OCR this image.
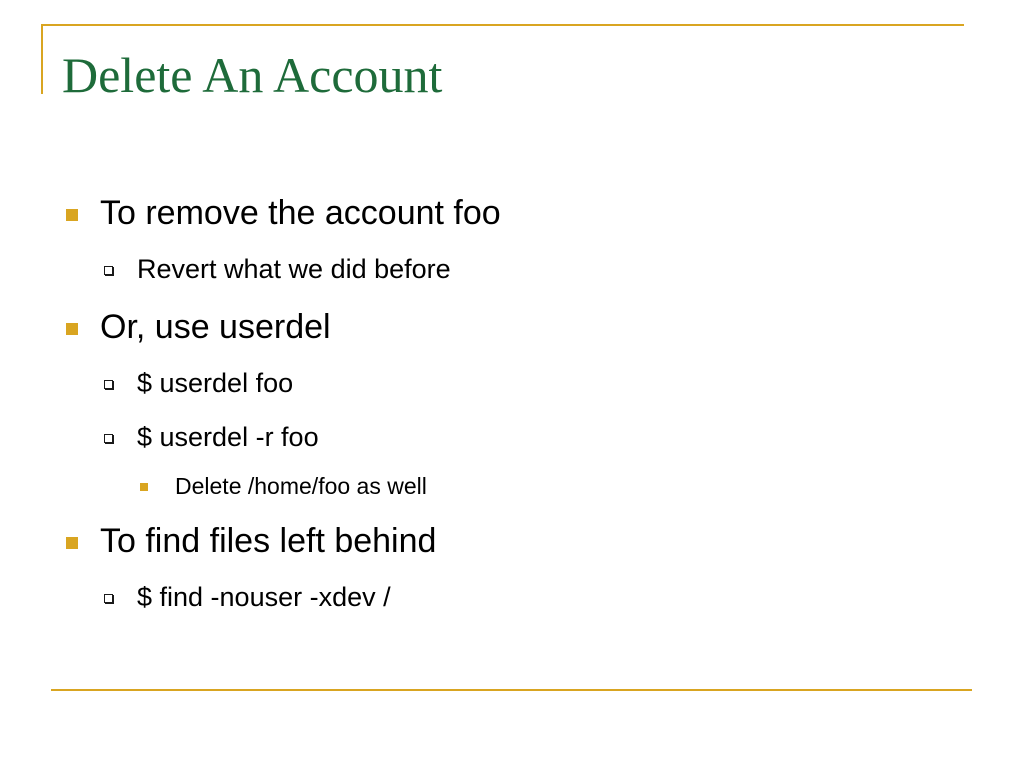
Delete An Account
To remove the account foo
Revert what we did before
Or, use userdel
$ userdel foo
$ userdel -r foo
Delete /home/foo as well
To find files left behind
$ find -nouser -xdev /
